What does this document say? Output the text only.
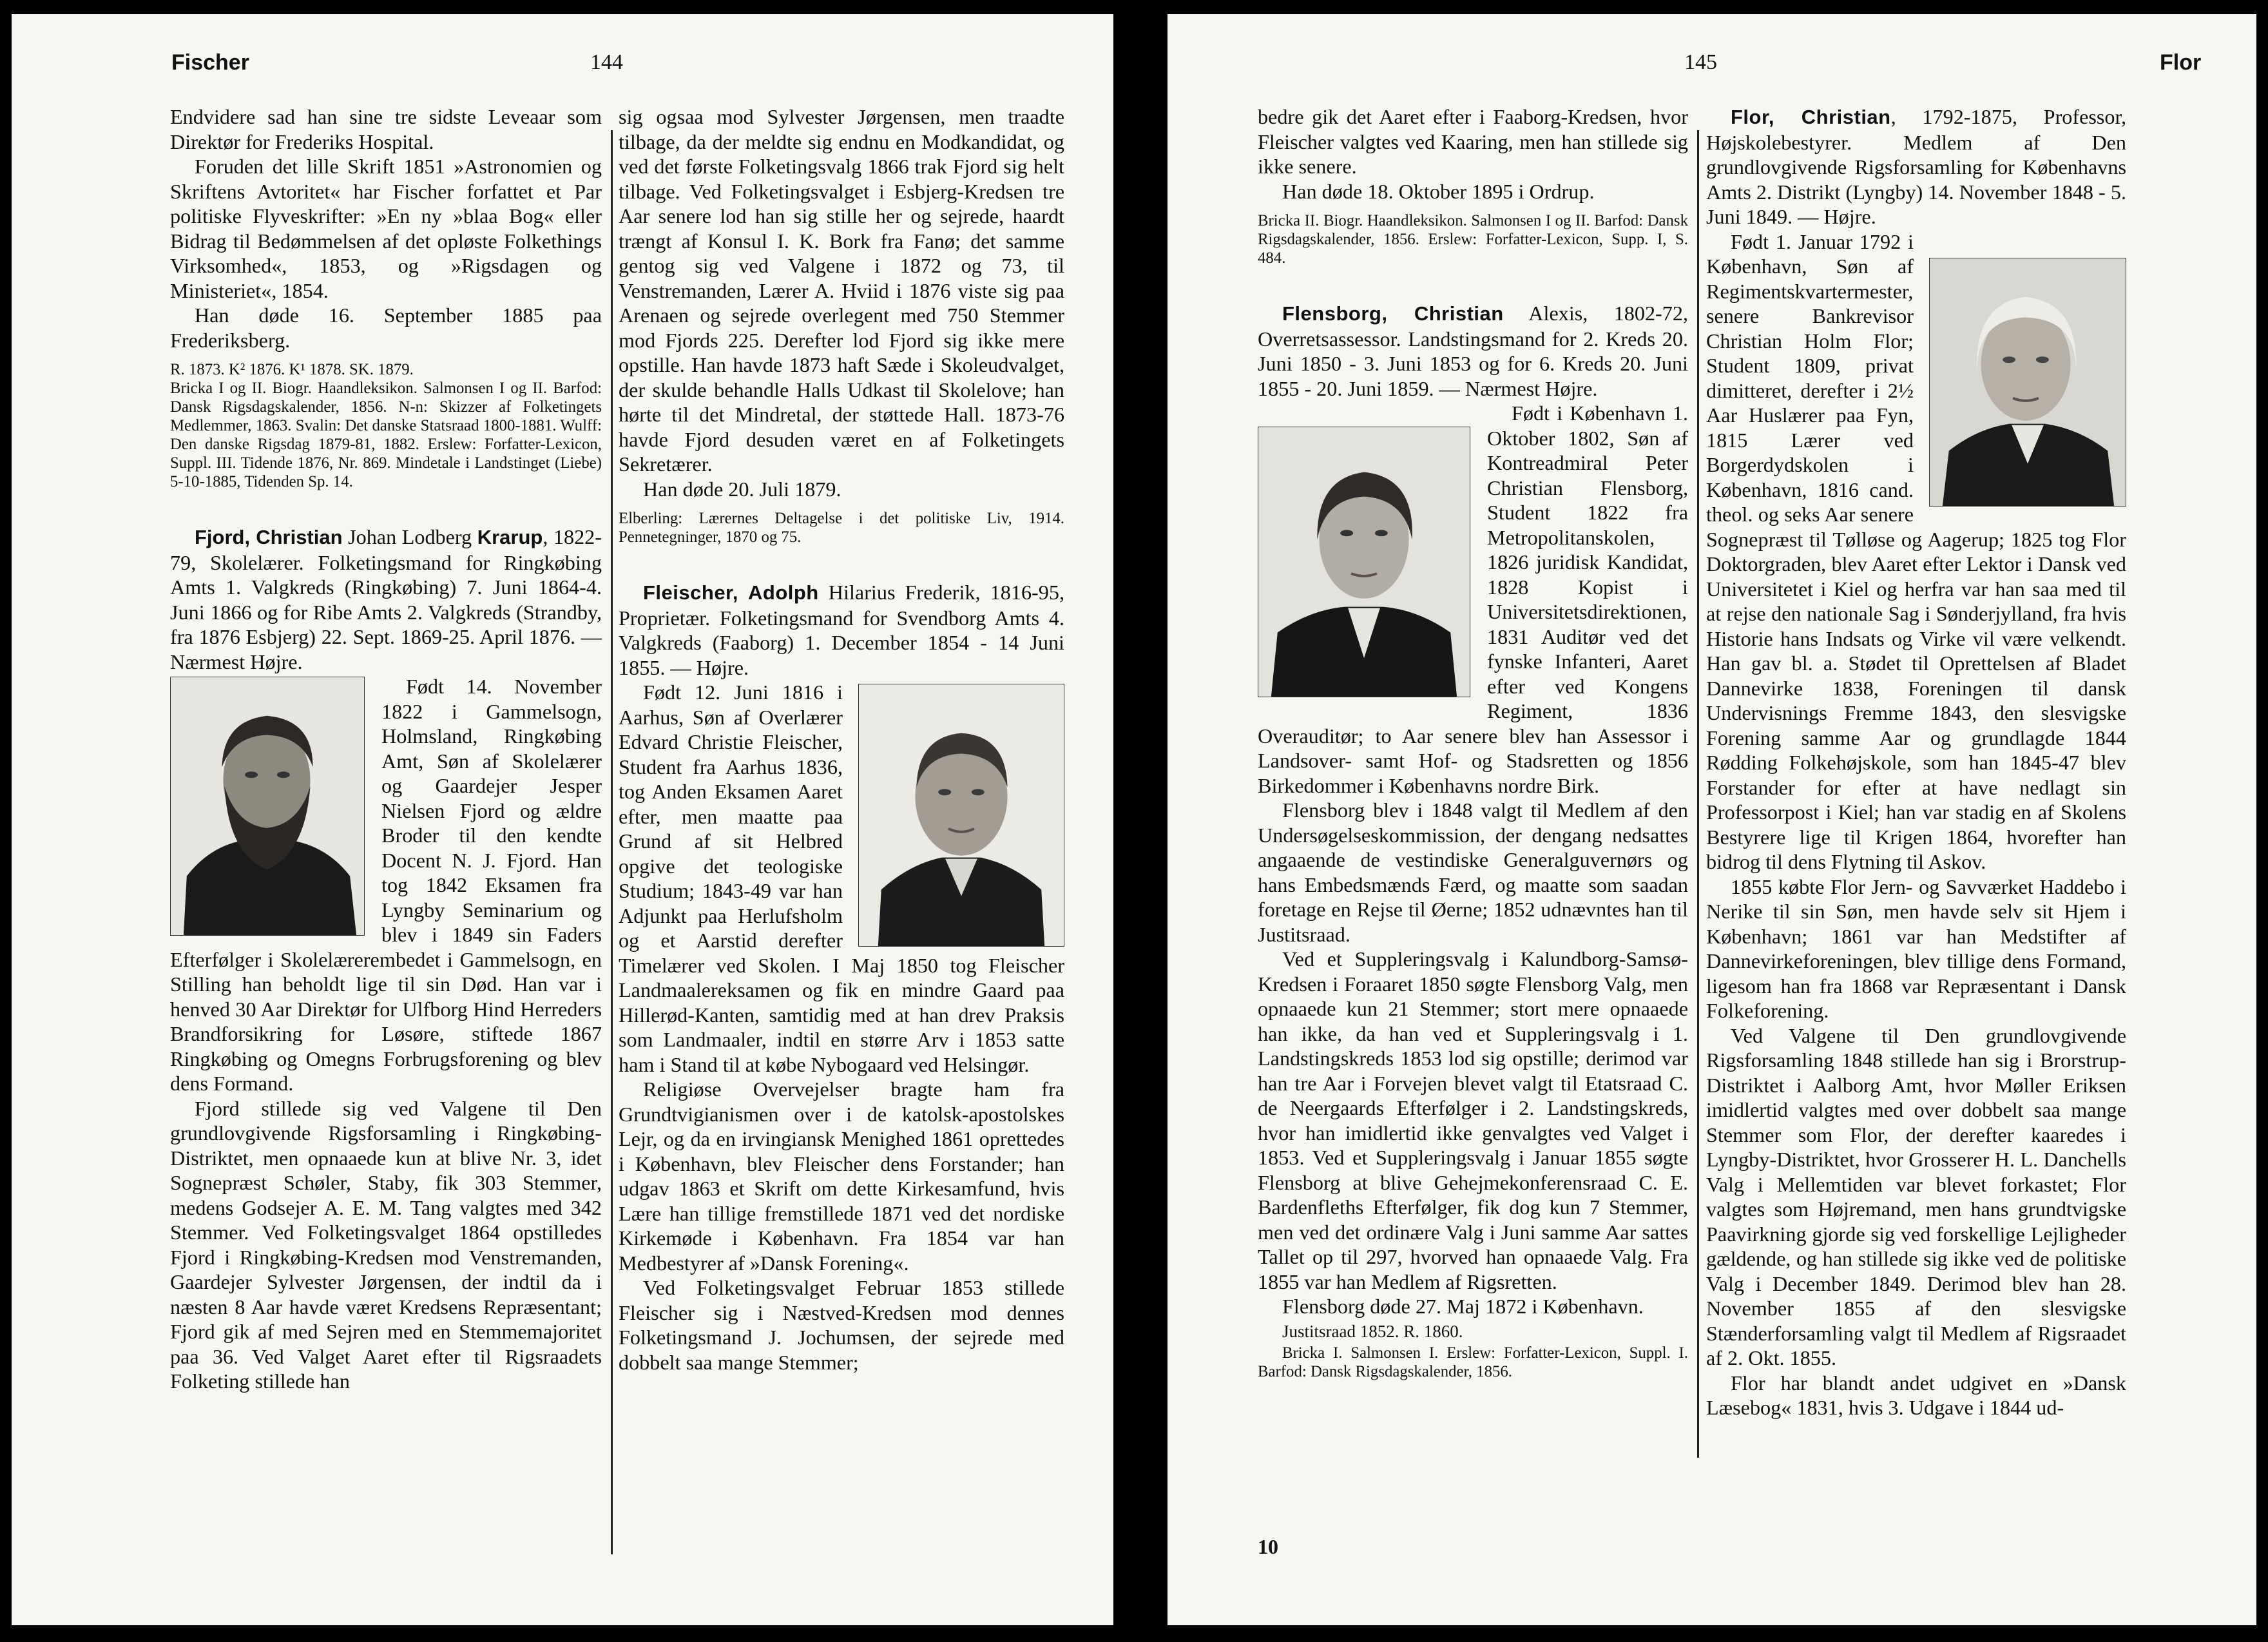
Fischer	144

Endvidere sad han sine tre sidste Leveaar som Direktør for Frederiks Hospital.

Foruden det lille Skrift 1851 »Astronomien og Skriftens Avtoritet« har Fischer forfattet et Par politiske Flyveskrifter: »En ny »blaa Bog« eller Bidrag til Bedømmelsen af det opløste Folkethings Virksomhed«, 1853, og »Rigsdagen og Ministeriet«, 1854.

Han døde 16. September 1885 paa Frederiksberg.

R. 1873. K² 1876. K¹ 1878. SK. 1879.

Bricka I og II. Biogr. Haandleksikon. Salmonsen I og II. Barfod: Dansk Rigsdagskalender, 1856. N-n: Skizzer af Folketingets Medlemmer, 1863. Svalin: Det danske Statsraad 1800-1881. Wulff: Den danske Rigsdag 1879-81, 1882. Erslew: Forfatter-Lexicon, Suppl. III. Tidende 1876, Nr. 869. Mindetale i Landstinget (Liebe) 5-10-1885, Tidenden Sp. 14.

Fjord, Christian Johan Lodberg Krarup, 1822-79, Skolelærer. Folketingsmand for Ringkøbing Amts 1. Valgkreds (Ringkøbing) 7. Juni 1864-4. Juni 1866 og for Ribe Amts 2. Valgkreds (Strandby, fra 1876 Esbjerg) 22. Sept. 1869-25. April 1876. — Nærmest Højre.

Født 14. November 1822 i Gammelsogn, Holmsland, Ringkøbing Amt, Søn af Skolelærer og Gaardejer Jesper Nielsen Fjord og ældre Broder til den kendte Docent N. J. Fjord. Han tog 1842 Eksamen fra Lyngby Seminarium og blev i 1849 sin Faders Efterfølger i Skolelærerembedet i Gammelsogn, en Stilling han beholdt lige til sin Død. Han var i henved 30 Aar Direktør for Ulfborg Hind Herreders Brandforsikring for Løsøre, stiftede 1867 Ringkøbing og Omegns Forbrugsforening og blev dens Formand.

Fjord stillede sig ved Valgene til Den grundlovgivende Rigsforsamling i Ringkøbing-Distriktet, men opnaaede kun at blive Nr. 3, idet Sognepræst Schøler, Staby, fik 303 Stemmer, medens Godsejer A. E. M. Tang valgtes med 342 Stemmer. Ved Folketingsvalget 1864 opstilledes Fjord i Ringkøbing-Kredsen mod Venstremanden, Gaardejer Sylvester Jørgensen, der indtil da i næsten 8 Aar havde været Kredsens Repræsentant; Fjord gik af med Sejren med en Stemmemajoritet paa 36. Ved Valget Aaret efter til Rigsraadets Folketing stillede han

sig ogsaa mod Sylvester Jørgensen, men traadte tilbage, da der meldte sig endnu en Modkandidat, og ved det første Folketingsvalg 1866 trak Fjord sig helt tilbage. Ved Folketingsvalget i Esbjerg-Kredsen tre Aar senere lod han sig stille her og sejrede, haardt trængt af Konsul I. K. Bork fra Fanø; det samme gentog sig ved Valgene i 1872 og 73, til Venstremanden, Lærer A. Hviid i 1876 viste sig paa Arenaen og sejrede overlegent med 750 Stemmer mod Fjords 225. Derefter lod Fjord sig ikke mere opstille. Han havde 1873 haft Sæde i Skoleudvalget, der skulde behandle Halls Udkast til Skolelove; han hørte til det Mindretal, der støttede Hall. 1873-76 havde Fjord desuden været en af Folketingets Sekretærer.

Han døde 20. Juli 1879.

Elberling: Lærernes Deltagelse i det politiske Liv, 1914. Pennetegninger, 1870 og 75.

Fleischer, Adolph Hilarius Frederik, 1816-95, Proprietær. Folketingsmand for Svendborg Amts 4. Valgkreds (Faaborg) 1. December 1854 - 14 Juni 1855. — Højre.

Født 12. Juni 1816 i Aarhus, Søn af Overlærer Edvard Christie Fleischer, Student fra Aarhus 1836, tog Anden Eksamen Aaret efter, men maatte paa Grund af sit Helbred opgive det teologiske Studium; 1843-49 var han Adjunkt paa Herlufsholm og et Aarstid derefter Timelærer ved Skolen. I Maj 1850 tog Fleischer Landmaalereksamen og fik en mindre Gaard paa Hillerød-Kanten, samtidig med at han drev Praksis som Landmaaler, indtil en større Arv i 1853 satte ham i Stand til at købe Nybogaard ved Helsingør.

Religiøse Overvejelser bragte ham fra Grundtvigianismen over i de katolsk-apostolskes Lejr, og da en irvingiansk Menighed 1861 oprettedes i København, blev Fleischer dens Forstander; han udgav 1863 et Skrift om dette Kirkesamfund, hvis Lære han tillige fremstillede 1871 ved det nordiske Kirkemøde i København. Fra 1854 var han Medbestyrer af »Dansk Forening«.

Ved Folketingsvalget Februar 1853 stillede Fleischer sig i Næstved-Kredsen mod dennes Folketingsmand J. Jochumsen, der sejrede med dobbelt saa mange Stemmer;

145	Flor

bedre gik det Aaret efter i Faaborg-Kredsen, hvor Fleischer valgtes ved Kaaring, men han stillede sig ikke senere.

Han døde 18. Oktober 1895 i Ordrup.

Bricka II. Biogr. Haandleksikon. Salmonsen I og II. Barfod: Dansk Rigsdagskalender, 1856. Erslew: Forfatter-Lexicon, Supp. I, S. 484.

Flensborg, Christian Alexis, 1802-72, Overretsassessor. Landstingsmand for 2. Kreds 20. Juni 1850 - 3. Juni 1853 og for 6. Kreds 20. Juni 1855 - 20. Juni 1859. — Nærmest Højre.

Født i København 1. Oktober 1802, Søn af Kontreadmiral Peter Christian Flensborg, Student 1822 fra Metropolitanskolen, 1826 juridisk Kandidat, 1828 Kopist i Universitetsdirektionen, 1831 Auditør ved det fynske Infanteri, Aaret efter ved Kongens Regiment, 1836 Overauditør; to Aar senere blev han Assessor i Landsover- samt Hof- og Stadsretten og 1856 Birkedommer i Københavns nordre Birk.

Flensborg blev i 1848 valgt til Medlem af den Undersøgelseskommission, der dengang nedsattes angaaende de vestindiske Generalguvernørs og hans Embedsmænds Færd, og maatte som saadan foretage en Rejse til Øerne; 1852 udnævntes han til Justitsraad.

Ved et Suppleringsvalg i Kalundborg-Samsø-Kredsen i Foraaret 1850 søgte Flensborg Valg, men opnaaede kun 21 Stemmer; stort mere opnaaede han ikke, da han ved et Suppleringsvalg i 1. Landstingskreds 1853 lod sig opstille; derimod var han tre Aar i Forvejen blevet valgt til Etatsraad C. de Neergaards Efterfølger i 2. Landstingskreds, hvor han imidlertid ikke genvalgtes ved Valget i 1853. Ved et Suppleringsvalg i Januar 1855 søgte Flensborg at blive Gehejmekonferensraad C. E. Bardenfleths Efterfølger, fik dog kun 7 Stemmer, men ved det ordinære Valg i Juni samme Aar sattes Tallet op til 297, hvorved han opnaaede Valg. Fra 1855 var han Medlem af Rigsretten.

Flensborg døde 27. Maj 1872 i København.

Justitsraad 1852. R. 1860.

Bricka I. Salmonsen I. Erslew: Forfatter-Lexicon, Suppl. I. Barfod: Dansk Rigsdagskalender, 1856.

Flor, Christian, 1792-1875, Professor, Højskolebestyrer. Medlem af Den grundlovgivende Rigsforsamling for Københavns Amts 2. Distrikt (Lyngby) 14. November 1848 - 5. Juni 1849. — Højre.

Født 1. Januar 1792 i København, Søn af Regimentskvartermester, senere Bankrevisor Christian Holm Flor; Student 1809, privat dimitteret, derefter i 2½ Aar Huslærer paa Fyn, 1815 Lærer ved Borgerdydskolen i København, 1816 cand. theol. og seks Aar senere Sognepræst til Tølløse og Aagerup; 1825 tog Flor Doktorgraden, blev Aaret efter Lektor i Dansk ved Universitetet i Kiel og herfra var han saa med til at rejse den nationale Sag i Sønderjylland, fra hvis Historie hans Indsats og Virke vil være velkendt. Han gav bl. a. Stødet til Oprettelsen af Bladet Dannevirke 1838, Foreningen til dansk Undervisnings Fremme 1843, den slesvigske Forening samme Aar og grundlagde 1844 Rødding Folkehøjskole, som han 1845-47 blev Forstander for efter at have nedlagt sin Professorpost i Kiel; han var stadig en af Skolens Bestyrere lige til Krigen 1864, hvorefter han bidrog til dens Flytning til Askov.

1855 købte Flor Jern- og Savværket Haddebo i Nerike til sin Søn, men havde selv sit Hjem i København; 1861 var han Medstifter af Dannevirkeforeningen, blev tillige dens Formand, ligesom han fra 1868 var Repræsentant i Dansk Folkeforening.

Ved Valgene til Den grundlovgivende Rigsforsamling 1848 stillede han sig i Brorstrup-Distriktet i Aalborg Amt, hvor Møller Eriksen imidlertid valgtes med over dobbelt saa mange Stemmer som Flor, der derefter kaaredes i Lyngby-Distriktet, hvor Grosserer H. L. Danchells Valg i Mellemtiden var blevet forkastet; Flor valgtes som Højremand, men hans grundtvigske Paavirkning gjorde sig ved forskellige Lejligheder gældende, og han stillede sig ikke ved de politiske Valg i December 1849. Derimod blev han 28. November 1855 af den slesvigske Stænderforsamling valgt til Medlem af Rigsraadet af 2. Okt. 1855.

Flor har blandt andet udgivet en »Dansk Læsebog« 1831, hvis 3. Udgave i 1844 ud-

10
